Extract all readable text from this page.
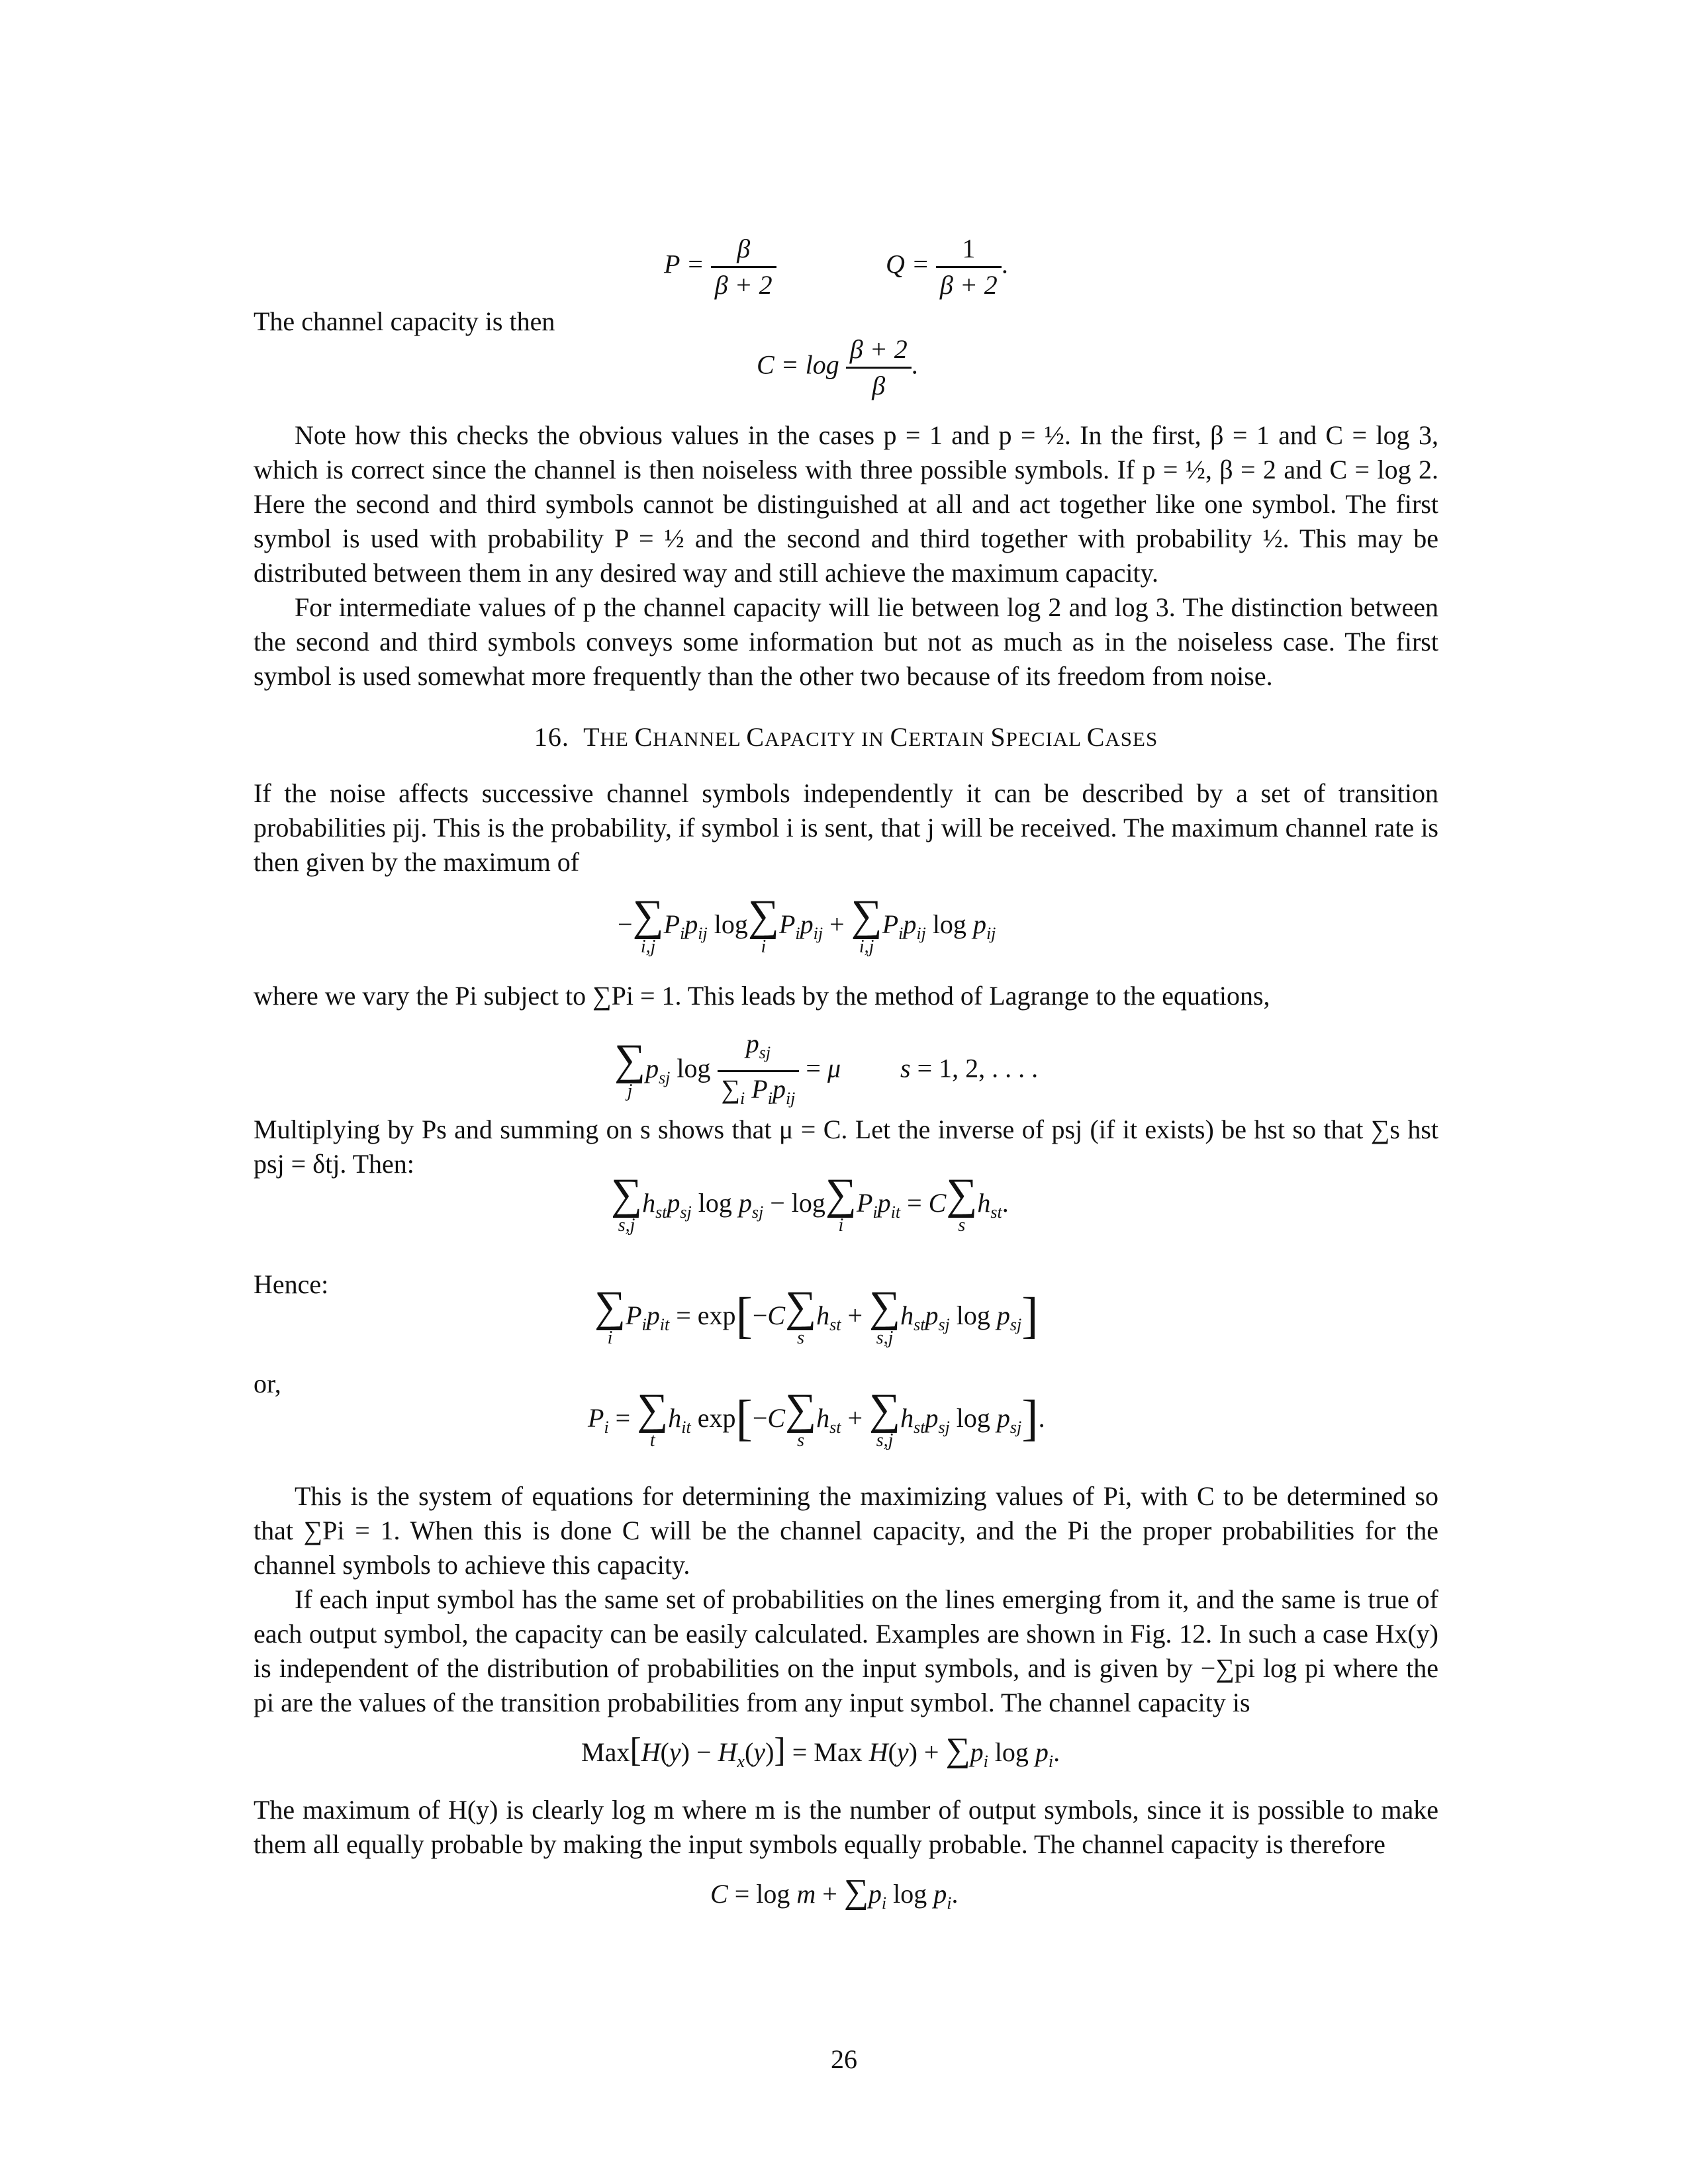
$P = \frac{\beta}{\beta + 2}$	$Q = \frac{1}{\beta + 2}$ .

The channel capacity is then

$C = \log \frac{\beta + 2}{\beta}$ .

Note how this checks the obvious values in the cases p = 1 and p = ½. In the first, β = 1 and C = log 3, which is correct since the channel is then noiseless with three possible symbols. If p = ½, β = 2 and C = log 2. Here the second and third symbols cannot be distinguished at all and act together like one symbol. The first symbol is used with probability P = ½ and the second and third together with probability ½. This may be distributed between them in any desired way and still achieve the maximum capacity.

For intermediate values of p the channel capacity will lie between log 2 and log 3. The distinction between the second and third symbols conveys some information but not as much as in the noiseless case. The first symbol is used somewhat more frequently than the other two because of its freedom from noise.

16. THE CHANNEL CAPACITY IN CERTAIN SPECIAL CASES

If the noise affects successive channel symbols independently it can be described by a set of transition probabilities pij. This is the probability, if symbol i is sent, that j will be received. The maximum channel rate is then given by the maximum of

− ∑
i,j
$P_ip_{ij}$ log ∑
i
$P_ip_{ij}$ + ∑
i,j
$P_ip_{ij}$ $\log p_{ij}$

where we vary the Pi subject to ∑Pi = 1. This leads by the method of Lagrange to the equations,

∑
j
$p_{sj}$ $\log \frac{p_{sj}}{\sum_i P_ip_{ij}} = \mu$ s = 1, 2, . . . .

Multiplying by Ps and summing on s shows that μ = C. Let the inverse of psj (if it exists) be hst so that ∑s hst psj = δtj. Then:

∑
s,j
$h_{st}p_{sj}$ $\log p_{sj} - \log$ ∑
i
$P_ip_{it} = C$ ∑
s
$h_{st}$.
Hence:	∑
i
$P_ip_{it} = \exp[-C$ ∑
s
$h_{st}$ + ∑
s,j
$h_{st}p_{sj}$ $\log p_{sj}$]
or,
$P_i$ = ∑
t
$h_{it}$ exp[−C ∑
s
$h_{st}$ + ∑
s,j
$h_{st}p_{sj}$ $\log p_{sj}$].

This is the system of equations for determining the maximizing values of Pi, with C to be determined so that ∑Pi = 1. When this is done C will be the channel capacity, and the Pi the proper probabilities for the channel symbols to achieve this capacity.

If each input symbol has the same set of probabilities on the lines emerging from it, and the same is true of each output symbol, the capacity can be easily calculated. Examples are shown in Fig. 12. In such a case Hx(y) is independent of the distribution of probabilities on the input symbols, and is given by −∑pi log pi where the pi are the values of the transition probabilities from any input symbol. The channel capacity is

$Max[H(y) - H_x(y)]$ = Max $H(y) + \sum p_i$ $\log p_i$.

The maximum of H(y) is clearly log m where m is the number of output symbols, since it is possible to make them all equally probable by making the input symbols equally probable. The channel capacity is therefore

$C = \log m + \sum p_i$ $\log p_i$.
26
